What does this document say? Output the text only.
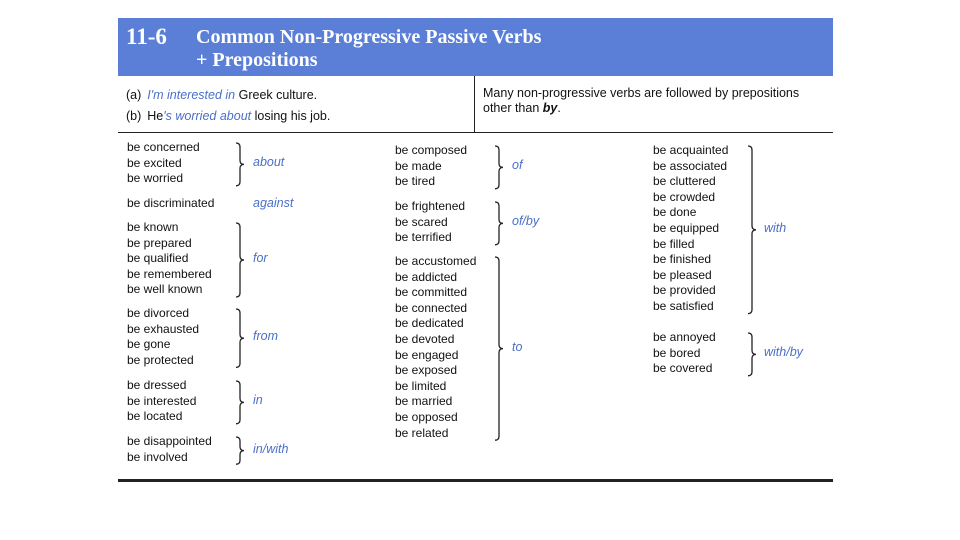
11-6 Common Non-Progressive Passive Verbs
+ Prepositions
(a) I'm interested in Greek culture.
(b) He's worried about losing his job.
Many non-progressive verbs are followed by prepositions other than by.
be concerned
be excited
be worried
about
be discriminated	against
be known
be prepared
be qualified
be remembered
be well known
for
be divorced
be exhausted
be gone
be protected
from
be dressed
be interested
be located
in
be disappointed
be involved
in/with
be composed
be made
be tired
of
be frightened
be scared
be terrified
of/by
be accustomed
be addicted
be committed
be connected
be dedicated
be devoted
be engaged
be exposed
be limited
be married
be opposed
be related
to
be acquainted
be associated
be cluttered
be crowded
be done
be equipped
be filled
be finished
be pleased
be provided
be satisfied
with
be annoyed
be bored
be covered
with/by
